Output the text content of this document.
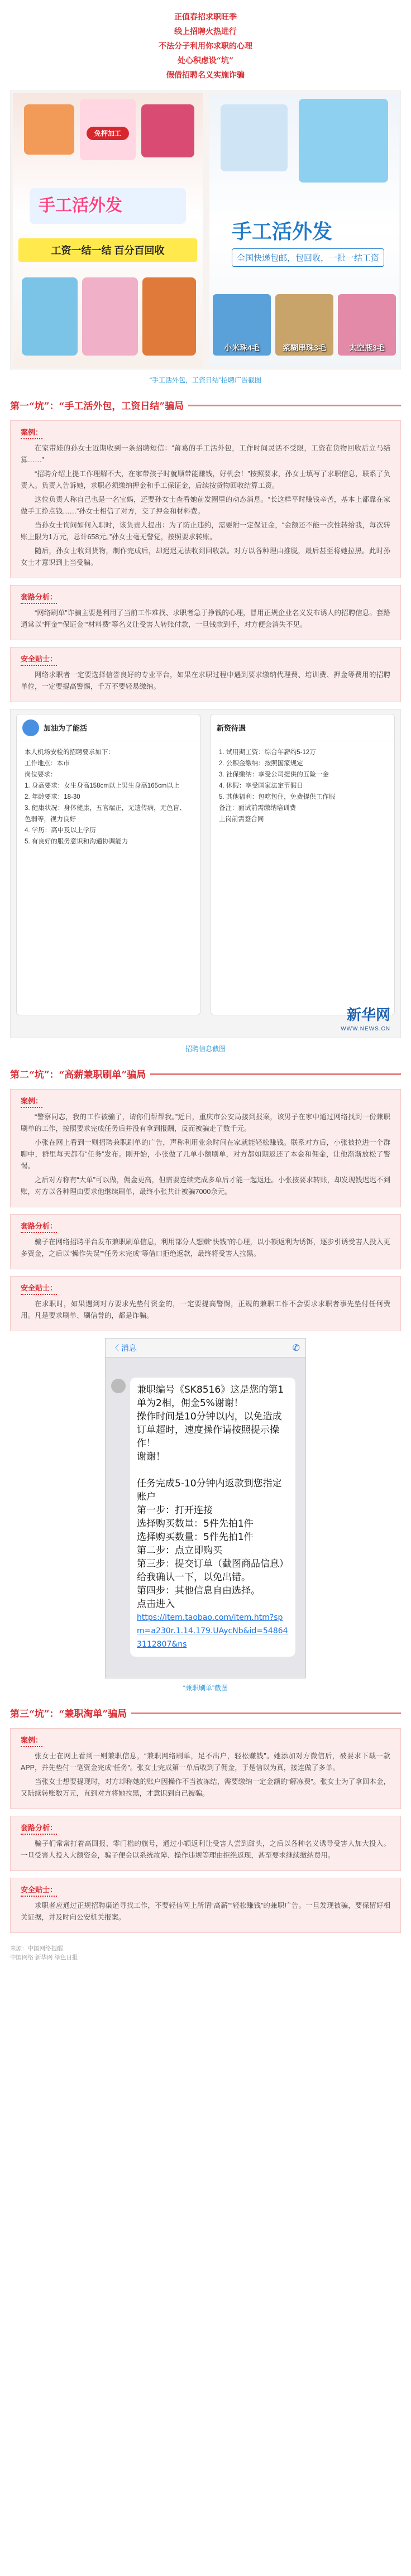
正值春招求职旺季
线上招聘火热进行
不法分子利用你求职的心理
处心积虑设“坑”
假借招聘名义实施诈骗
免押加工
手工活外发
工资一结一结 百分百回收
手工活外发
全国快递包邮，包回收，一批一结工资
小米珠4毛	浆糊串珠3毛	太空瓶3毛
“手工活外包，工资日结”招聘广告截图
第一“坑”：“手工活外包，工资日结”骗局
案例：

在家带娃的孙女士近期收到一条招聘短信：“莆葛的手工活外包，工作时间灵活不受限，工资在货物回收后立马结算……”

“招聘介绍上提工作理解不大，在家带孩子时就顺带能赚钱，好机会！”按照要求，孙女士填写了求职信息，联系了负责人。负责人告诉她，求职必须缴纳押金和手工保证金，后续按货物回收结算工资。

这位负责人称自己也是一名宝妈，还要孙女士查看她前发圈里的动态消息。“长这样平时赚钱辛苦，基本上都靠在家做手工挣点钱……”孙女士相信了对方，交了押金和材料费。

当孙女士询问如何入职时，该负责人提出：为了防止违约，需要附一定保证金，“金额还不能一次性转给我，每次转账上限为1万元，总计658元。”孙女士毫无警觉，按照要求转账。

随后，孙女士收到货物，制作完成后，却迟迟无法收到回收款。对方以各种理由推脱，最后甚至将她拉黑。此时孙女士才意识到上当受骗。

套路分析：

“网络刷单”诈骗主要是利用了当前工作难找、求职者急于挣钱的心理，冒用正规企业名义发布诱人的招聘信息。套路通常以“押金”“保证金”“材料费”等名义让受害人转账付款，一旦钱款到手，对方便会消失不见。

安全贴士：

网络求职者一定要选择信誉良好的专业平台，如果在求职过程中遇到要求缴纳代理费、培训费、押金等费用的招聘单位，一定要提高警惕，千万不要轻易缴纳。

加油为了能活
本人机场安检的招聘要求如下：
工作地点：本市
岗位要求：
1. 身高要求：女生身高158cm以上男生身高165cm以上
2. 年龄要求：18-30
3. 健康状况：身体健康，五官端正，无遗传病，无色盲、色弱等，视力良好
4. 学历：高中及以上学历
5. 有良好的服务意识和沟通协调能力
新资待遇
1. 试用期工资：综合年薪约5-12万
2. 公积金缴纳：按照国家规定
3. 社保缴纳：享受公司提供的五险一金
4. 休假：享受国家法定节假日
5. 其他福利：包吃包住，免费提供工作服
备注：面试前需缴纳培训费
上岗前需签合同
新华网
WWW.NEWS.CN
招聘信息截图
第二“坑”：“高薪兼职刷单”骗局
案例：

“警察同志，我的工作被骗了，请你们帮帮我。”近日，重庆市公安局接到报案，该男子在家中通过网络找到一份兼职刷单的工作，按照要求完成任务后并没有拿到报酬，反而被骗走了数千元。

小张在网上看到一则招聘兼职刷单的广告，声称利用业余时间在家就能轻松赚钱。联系对方后，小张被拉进一个群聊中，群里每天都有“任务”发布。刚开始，小张做了几单小额刷单，对方都如期返还了本金和佣金，让他渐渐放松了警惕。

之后对方称有“大单”可以做，佣金更高，但需要连续完成多单后才能一起返还。小张按要求转账，却发现钱迟迟不到账，对方以各种理由要求他继续刷单，最终小张共计被骗7000余元。

套路分析：

骗子在网络招聘平台发布兼职刷单信息，利用部分人想赚“快钱”的心理，以小额返利为诱饵，逐步引诱受害人投入更多资金，之后以“操作失误”“任务未完成”等借口拒绝返款，最终将受害人拉黑。

安全贴士：

在求职时，如果遇到对方要求先垫付资金的，一定要提高警惕，正规的兼职工作不会要求求职者事先垫付任何费用。凡是要求刷单、刷信誉的，都是诈骗。

〈 消息	✆
兼职编号《SK8516》这是您的第1单为2相，佣金5%谢谢！
操作时间是10分钟以内，以免造成订单超时，速度操作请按照提示操作！
谢谢！

任务完成5-10分钟内返款到您指定账户
第一步：打开连接
选择购买数量：5件先拍1件
选择购买数量：5件先拍1件
第二步：点立即购买
第三步：提交订单（截图商品信息）给我确认一下，以免出错。
第四步：其他信息自由选择。
点击进入
https://item.taobao.com/item.htm?spm=a230r.1.14.179.UAycNb&id=548643112807&ns
“兼职刷单”截图
第三“坑”：“兼职淘单”骗局
案例：

张女士在网上看到一则兼职信息，“兼职网络刷单，足不出户，轻松赚钱”。她添加对方微信后，被要求下载一款APP，并先垫付一笔资金完成“任务”。张女士完成第一单后收到了佣金，于是信以为真，接连做了多单。

当张女士想要提现时，对方却称她的账户因操作不当被冻结，需要缴纳一定金额的“解冻费”。张女士为了拿回本金，又陆续转账数万元，直到对方将她拉黑，才意识到自己被骗。

套路分析：

骗子们常常打着高回报、零门槛的旗号，通过小额返利让受害人尝到甜头，之后以各种名义诱导受害人加大投入。一旦受害人投入大额资金，骗子便会以系统故障、操作违规等理由拒绝返现，甚至要求继续缴纳费用。

安全贴士：

求职者应通过正规招聘渠道寻找工作，不要轻信网上所谓“高薪”“轻松赚钱”的兼职广告。一旦发现被骗，要保留好相关证据，并及时向公安机关报案。

来源：中国网络提醒
中国网络 新华网 绿色日报
